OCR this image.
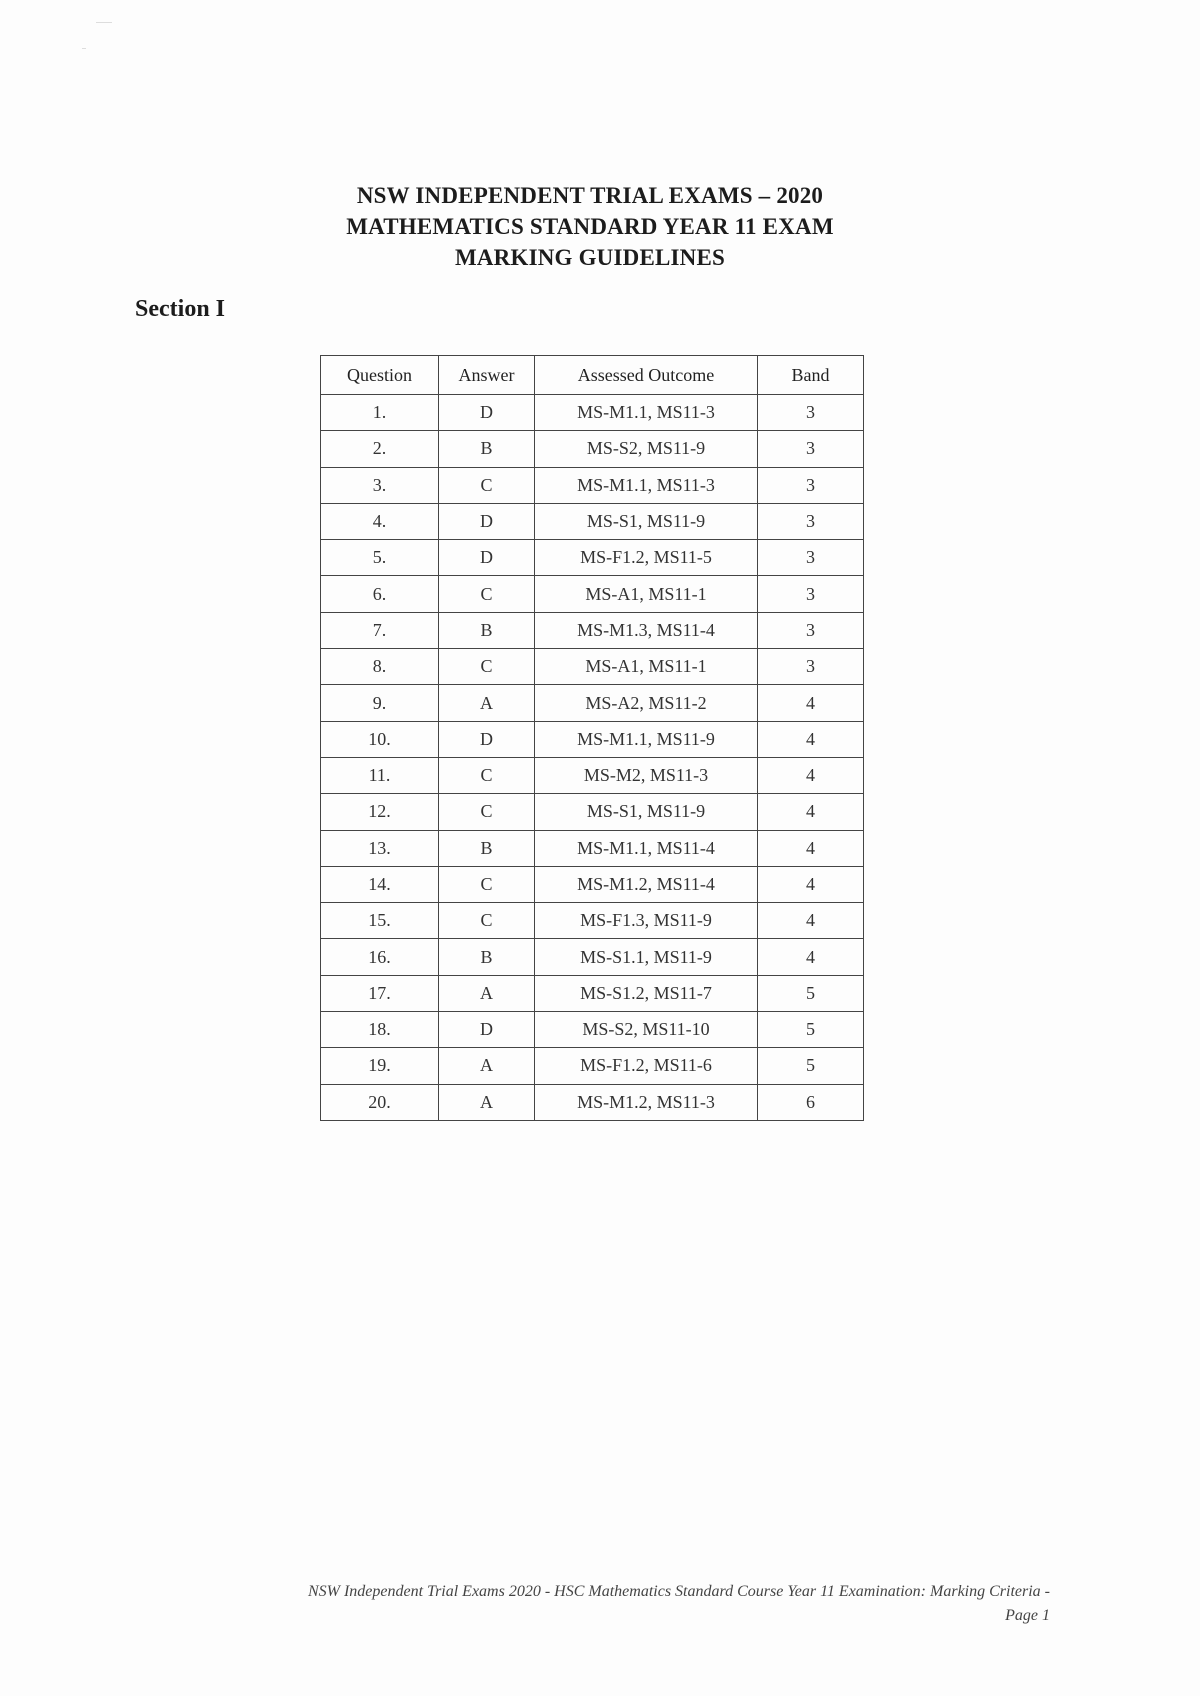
NSW INDEPENDENT TRIAL EXAMS – 2020
MATHEMATICS STANDARD YEAR 11 EXAM
MARKING GUIDELINES
Section I
Question	Answer	Assessed Outcome	Band
1.	D	MS-M1.1, MS11-3	3
2.	B	MS-S2, MS11-9	3
3.	C	MS-M1.1, MS11-3	3
4.	D	MS-S1, MS11-9	3
5.	D	MS-F1.2, MS11-5	3
6.	C	MS-A1, MS11-1	3
7.	B	MS-M1.3, MS11-4	3
8.	C	MS-A1, MS11-1	3
9.	A	MS-A2, MS11-2	4
10.	D	MS-M1.1, MS11-9	4
11.	C	MS-M2, MS11-3	4
12.	C	MS-S1, MS11-9	4
13.	B	MS-M1.1, MS11-4	4
14.	C	MS-M1.2, MS11-4	4
15.	C	MS-F1.3, MS11-9	4
16.	B	MS-S1.1, MS11-9	4
17.	A	MS-S1.2, MS11-7	5
18.	D	MS-S2, MS11-10	5
19.	A	MS-F1.2, MS11-6	5
20.	A	MS-M1.2, MS11-3	6
NSW Independent Trial Exams 2020 - HSC Mathematics Standard Course Year 11 Examination: Marking Criteria -
Page 1
